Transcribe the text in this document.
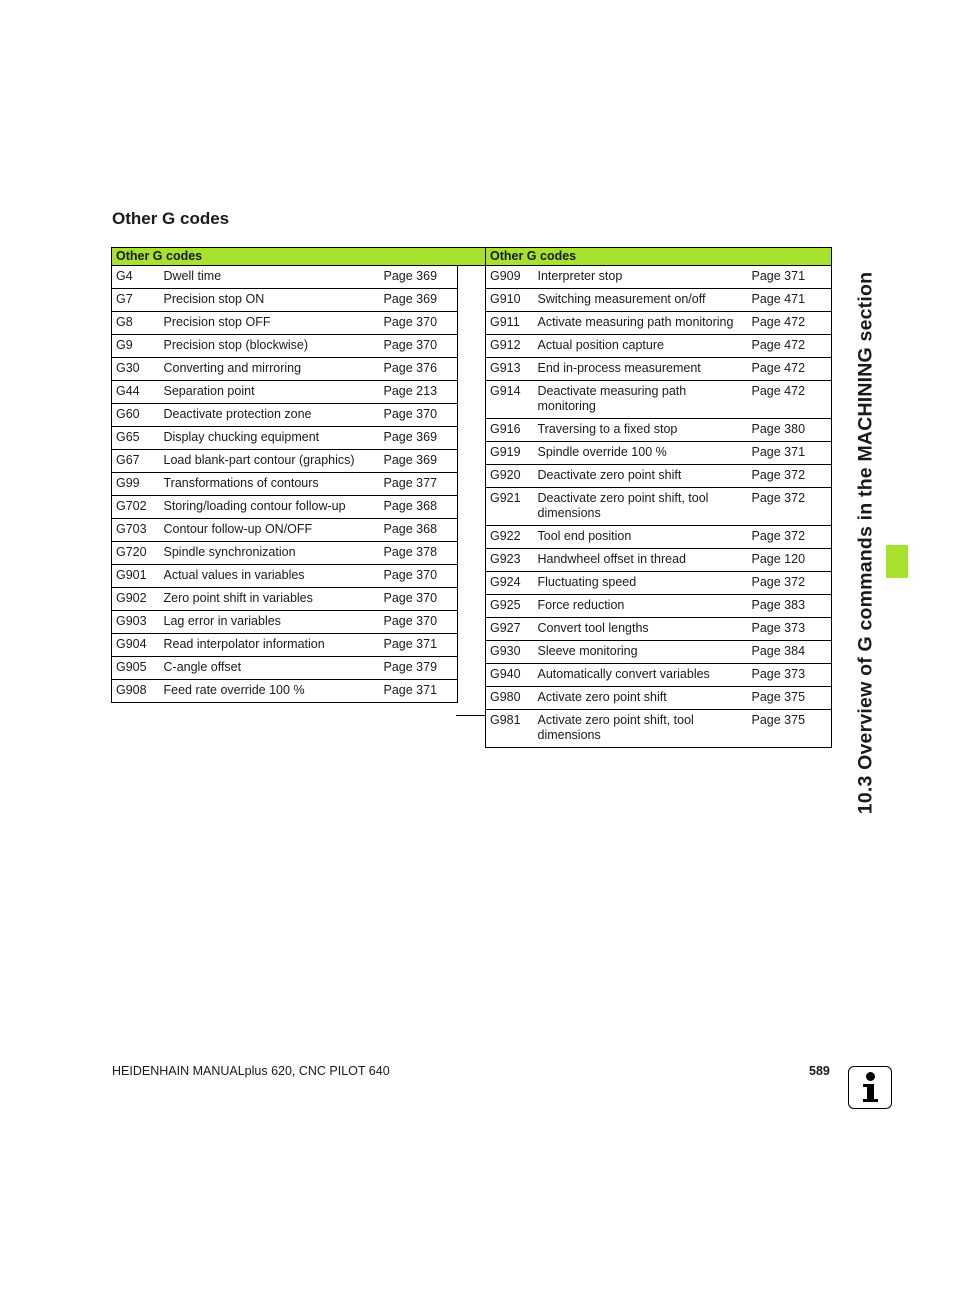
Other G codes
Other G codes		
G4	Dwell time	Page 369
G7	Precision stop ON	Page 369
G8	Precision stop OFF	Page 370
G9	Precision stop (blockwise)	Page 370
G30	Converting and mirroring	Page 376
G44	Separation point	Page 213
G60	Deactivate protection zone	Page 370
G65	Display chucking equipment	Page 369
G67	Load blank-part contour (graphics)	Page 369
G99	Transformations of contours	Page 377
G702	Storing/loading contour follow-up	Page 368
G703	Contour follow-up ON/OFF	Page 368
G720	Spindle synchronization	Page 378
G901	Actual values in variables	Page 370
G902	Zero point shift in variables	Page 370
G903	Lag error in variables	Page 370
G904	Read interpolator information	Page 371
G905	C-angle offset	Page 379
G908	Feed rate override 100 %	Page 371
Other G codes		
G909	Interpreter stop	Page 371
G910	Switching measurement on/off	Page 471
G911	Activate measuring path monitoring	Page 472
G912	Actual position capture	Page 472
G913	End in-process measurement	Page 472
G914	Deactivate measuring path monitoring	Page 472
G916	Traversing to a fixed stop	Page 380
G919	Spindle override 100 %	Page 371
G920	Deactivate zero point shift	Page 372
G921	Deactivate zero point shift, tool dimensions	Page 372
G922	Tool end position	Page 372
G923	Handwheel offset in thread	Page 120
G924	Fluctuating speed	Page 372
G925	Force reduction	Page 383
G927	Convert tool lengths	Page 373
G930	Sleeve monitoring	Page 384
G940	Automatically convert variables	Page 373
G980	Activate zero point shift	Page 375
G981	Activate zero point shift, tool dimensions	Page 375	10.3 Overview of G commands in the MACHINING section
HEIDENHAIN MANUALplus 620, CNC PILOT 640	589
